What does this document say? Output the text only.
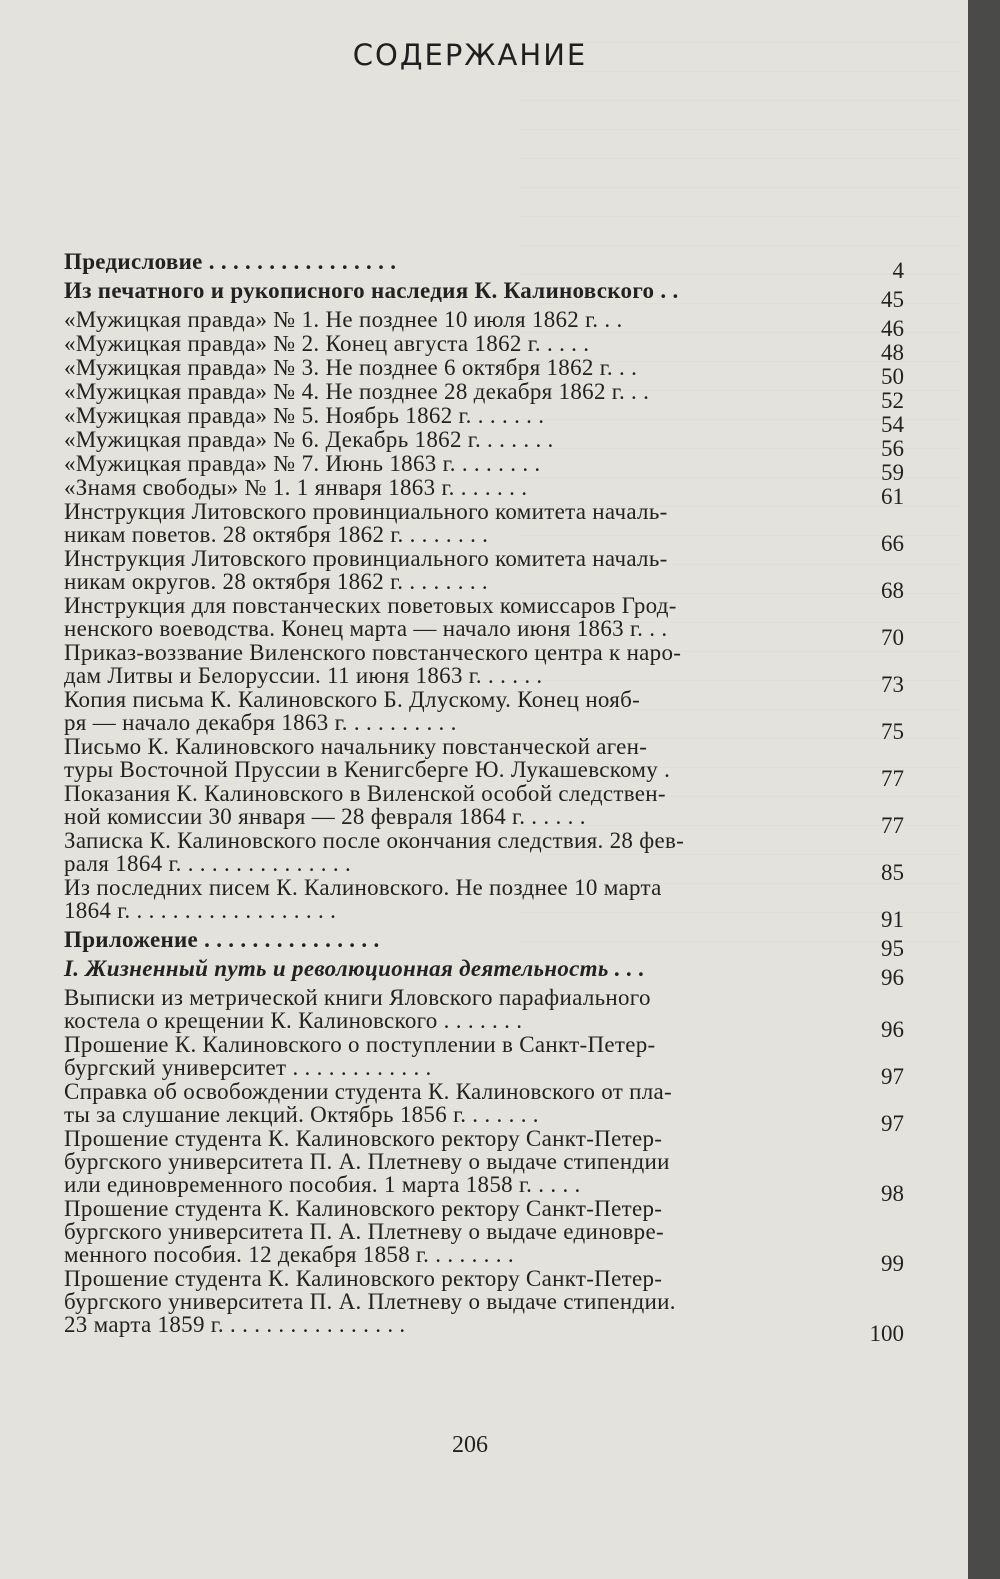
СОДЕРЖАНИЕ
Предисловие . . . . . . . . . . . . . . . .	4
Из печатного и рукописного наследия К. Калиновского . .	45
«Мужицкая правда» № 1. Не позднее 10 июля 1862 г. . .	46
«Мужицкая правда» № 2. Конец августа 1862 г. . . . .	48
«Мужицкая правда» № 3. Не позднее 6 октября 1862 г. . .	50
«Мужицкая правда» № 4. Не позднее 28 декабря 1862 г. . .	52
«Мужицкая правда» № 5. Ноябрь 1862 г. . . . . . .	54
«Мужицкая правда» № 6. Декабрь 1862 г. . . . . . .	56
«Мужицкая правда» № 7. Июнь 1863 г. . . . . . . .	59
«Знамя свободы» № 1. 1 января 1863 г. . . . . . .	61
Инструкция Литовского провинциального комитета началь-
никам поветов. 28 октября 1862 г. . . . . . . .	66
Инструкция Литовского провинциального комитета началь-
никам округов. 28 октября 1862 г. . . . . . . .	68
Инструкция для повстанческих поветовых комиссаров Грод-
ненского воеводства. Конец марта — начало июня 1863 г. . .	70
Приказ-воззвание Виленского повстанческого центра к наро-
дам Литвы и Белоруссии. 11 июня 1863 г. . . . . .	73
Копия письма К. Калиновского Б. Длускому. Конец нояб-
ря — начало декабря 1863 г. . . . . . . . . .	75
Письмо К. Калиновского начальнику повстанческой аген-
туры Восточной Пруссии в Кенигсберге Ю. Лукашевскому .	77
Показания К. Калиновского в Виленской особой следствен-
ной комиссии 30 января — 28 февраля 1864 г. . . . . .	77
Записка К. Калиновского после окончания следствия. 28 фев-
раля 1864 г. . . . . . . . . . . . . . .	85
Из последних писем К. Калиновского. Не позднее 10 марта
1864 г. . . . . . . . . . . . . . . . . .	91
Приложение . . . . . . . . . . . . . . .	95
I. Жизненный путь и революционная деятельность . . .	96
Выписки из метрической книги Яловского парафиального
костела о крещении К. Калиновского . . . . . . .	96
Прошение К. Калиновского о поступлении в Санкт-Петер-
бургский университет . . . . . . . . . . . .	97
Справка об освобождении студента К. Калиновского от пла-
ты за слушание лекций. Октябрь 1856 г. . . . . . .	97
Прошение студента К. Калиновского ректору Санкт-Петер-
бургского университета П. А. Плетневу о выдаче стипендии
или единовременного пособия. 1 марта 1858 г. . . . .	98
Прошение студента К. Калиновского ректору Санкт-Петер-
бургского университета П. А. Плетневу о выдаче единовре-
менного пособия. 12 декабря 1858 г. . . . . . . .	99
Прошение студента К. Калиновского ректору Санкт-Петер-
бургского университета П. А. Плетневу о выдаче стипендии.
23 марта 1859 г. . . . . . . . . . . . . . . .	100
206
